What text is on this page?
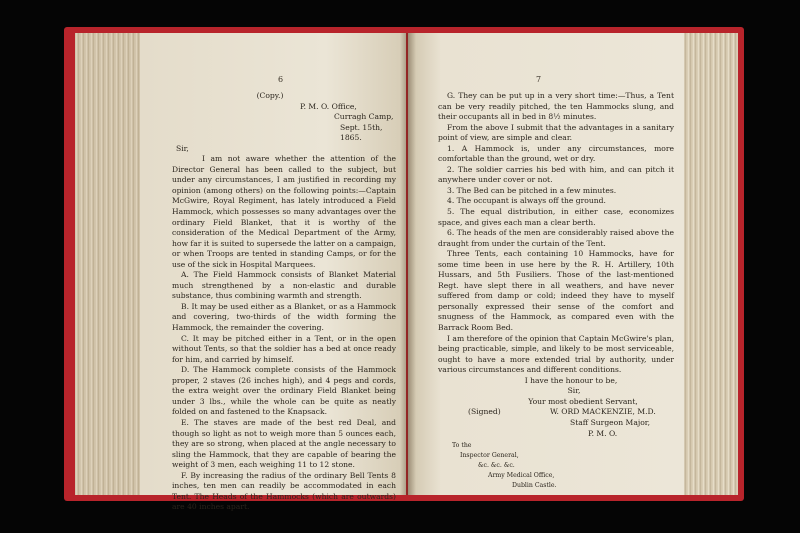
6
(Copy.)
P. M. O. Office,
Curragh Camp,
Sept. 15th, 1865.
Sir,

I am not aware whether the attention of the Director General has been called to the subject, but under any circumstances, I am justified in recording my opinion (among others) on the following points:—Captain McGwire, Royal Regiment, has lately introduced a Field Hammock, which possesses so many advantages over the ordinary Field Blanket, that it is worthy of the consideration of the Medical Department of the Army, how far it is suited to supersede the latter on a campaign, or when Troops are tented in standing Camps, or for the use of the sick in Hospital Marquees.

A. The Field Hammock consists of Blanket Material much strengthened by a non-elastic and durable substance, thus combining warmth and strength.

B. It may be used either as a Blanket, or as a Hammock and covering, two-thirds of the width forming the Hammock, the remainder the covering.

C. It may be pitched either in a Tent, or in the open without Tents, so that the soldier has a bed at once ready for him, and carried by himself.

D. The Hammock complete consists of the Hammock proper, 2 staves (26 inches high), and 4 pegs and cords, the extra weight over the ordinary Field Blanket being under 3 lbs., while the whole can be quite as neatly folded on and fastened to the Knapsack.

E. The staves are made of the best red Deal, and though so light as not to weigh more than 5 ounces each, they are so strong, when placed at the angle necessary to sling the Hammock, that they are capable of bearing the weight of 3 men, each weighing 11 to 12 stone.

F. By increasing the radius of the ordinary Bell Tents 8 inches, ten men can readily be accommodated in each Tent. The Heads of the Hammocks (which are outwards) are 40 inches apart.

7

G. They can be put up in a very short time:—Thus, a Tent can be very readily pitched, the ten Hammocks slung, and their occupants all in bed in 8½ minutes.

From the above I submit that the advantages in a sanitary point of view, are simple and clear.

1. A Hammock is, under any circumstances, more comfortable than the ground, wet or dry.

2. The soldier carries his bed with him, and can pitch it anywhere under cover or not.

3. The Bed can be pitched in a few minutes.

4. The occupant is always off the ground.

5. The equal distribution, in either case, economizes space, and gives each man a clear berth.

6. The heads of the men are considerably raised above the draught from under the curtain of the Tent.

Three Tents, each containing 10 Hammocks, have for some time been in use here by the R. H. Artillery, 10th Hussars, and 5th Fusiliers. Those of the last-mentioned Regt. have slept there in all weathers, and have never suffered from damp or cold; indeed they have to myself personally expressed their sense of the comfort and snugness of the Hammock, as compared even with the Barrack Room Bed.

I am therefore of the opinion that Captain McGwire's plan, being practicable, simple, and likely to be most serviceable, ought to have a more extended trial by authority, under various circumstances and different conditions.

I have the honour to be,
Sir,
Your most obedient Servant,
(Signed)	W. ORD MACKENZIE, M.D.
Staff Surgeon Major,
P. M. O.
To the
Inspector General,
&c. &c. &c.
Army Medical Office,
Dublin Castle.
